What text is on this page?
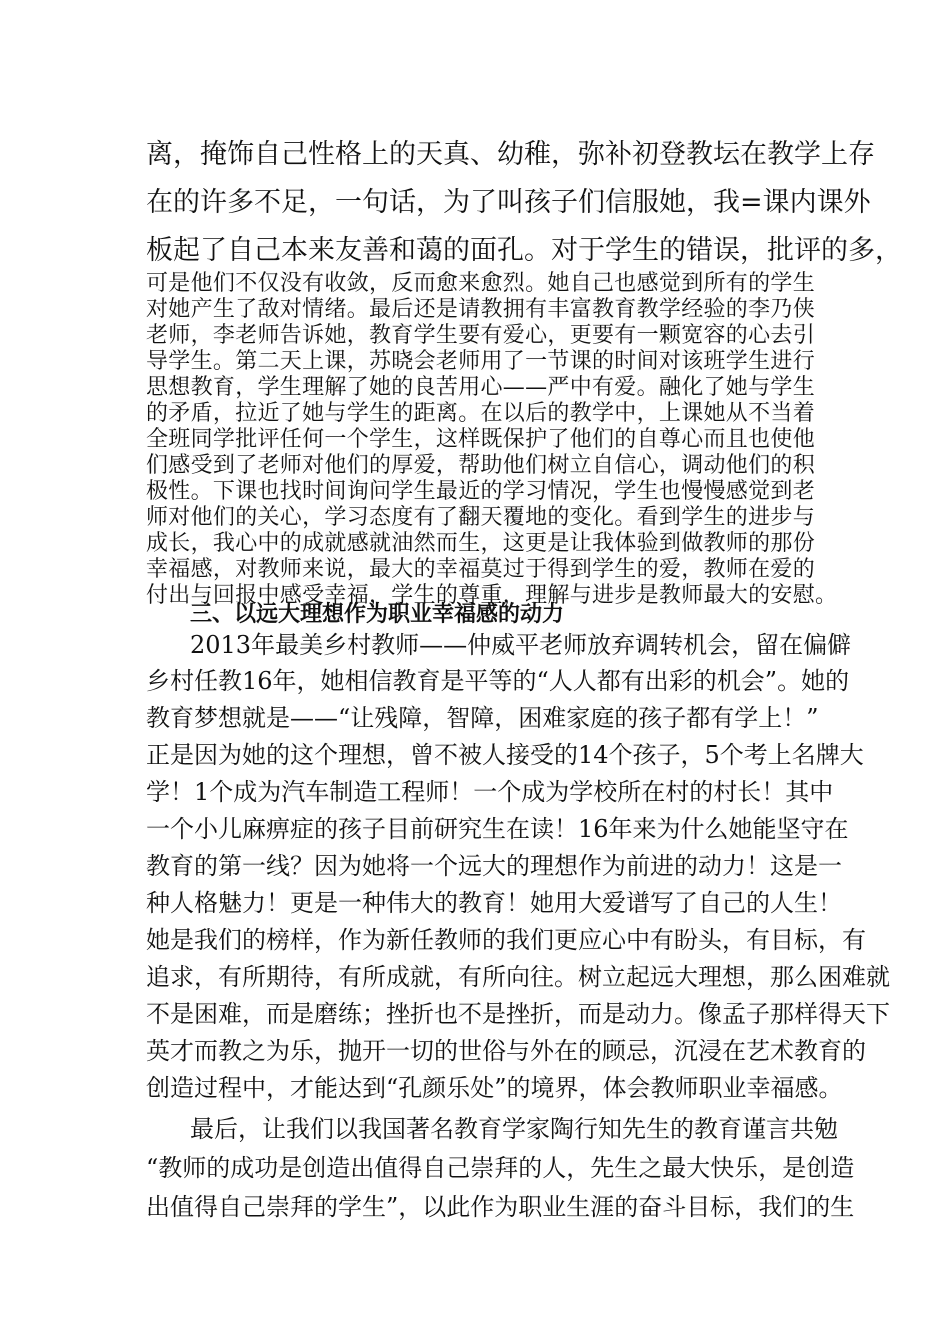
离，掩饰自己性格上的天真、幼稚，弥补初登教坛在教学上存
在的许多不足，一句话，为了叫孩子们信服她，我=课内课外
板起了自己本来友善和蔼的面孔。对于学生的错误，批评的多，
可是他们不仅没有收敛，反而愈来愈烈。她自己也感觉到所有的学生
对她产生了敌对情绪。最后还是请教拥有丰富教育教学经验的李乃侠
老师，李老师告诉她，教育学生要有爱心，更要有一颗宽容的心去引
导学生。第二天上课，苏晓会老师用了一节课的时间对该班学生进行
思想教育，学生理解了她的良苦用心——严中有爱。融化了她与学生
的矛盾，拉近了她与学生的距离。在以后的教学中，上课她从不当着
全班同学批评任何一个学生，这样既保护了他们的自尊心而且也使他
们感受到了老师对他们的厚爱，帮助他们树立自信心，调动他们的积
极性。下课也找时间询问学生最近的学习情况，学生也慢慢感觉到老
师对他们的关心，学习态度有了翻天覆地的变化。看到学生的进步与
成长，我心中的成就感就油然而生，这更是让我体验到做教师的那份
幸福感，对教师来说，最大的幸福莫过于得到学生的爱，教师在爱的
付出与回报中感受幸福，学生的尊重，理解与进步是教师最大的安慰。
三、以远大理想作为职业幸福感的动力
2013年最美乡村教师——仲威平老师放弃调转机会，留在偏僻
乡村任教16年，她相信教育是平等的“人人都有出彩的机会”。她的
教育梦想就是——“让残障，智障，困难家庭的孩子都有学上！”
正是因为她的这个理想，曾不被人接受的14个孩子，5个考上名牌大
学！1个成为汽车制造工程师！一个成为学校所在村的村长！其中
一个小儿麻痹症的孩子目前研究生在读！16年来为什么她能坚守在
教育的第一线？因为她将一个远大的理想作为前进的动力！这是一
种人格魅力！更是一种伟大的教育！她用大爱谱写了自己的人生！
她是我们的榜样，作为新任教师的我们更应心中有盼头，有目标，有
追求，有所期待，有所成就，有所向往。树立起远大理想，那么困难就
不是困难，而是磨练；挫折也不是挫折，而是动力。像孟子那样得天下
英才而教之为乐，抛开一切的世俗与外在的顾忌，沉浸在艺术教育的
创造过程中，才能达到“孔颜乐处”的境界，体会教师职业幸福感。
最后，让我们以我国著名教育学家陶行知先生的教育谨言共勉
“教师的成功是创造出值得自己崇拜的人，先生之最大快乐，是创造
出值得自己崇拜的学生”，以此作为职业生涯的奋斗目标，我们的生
